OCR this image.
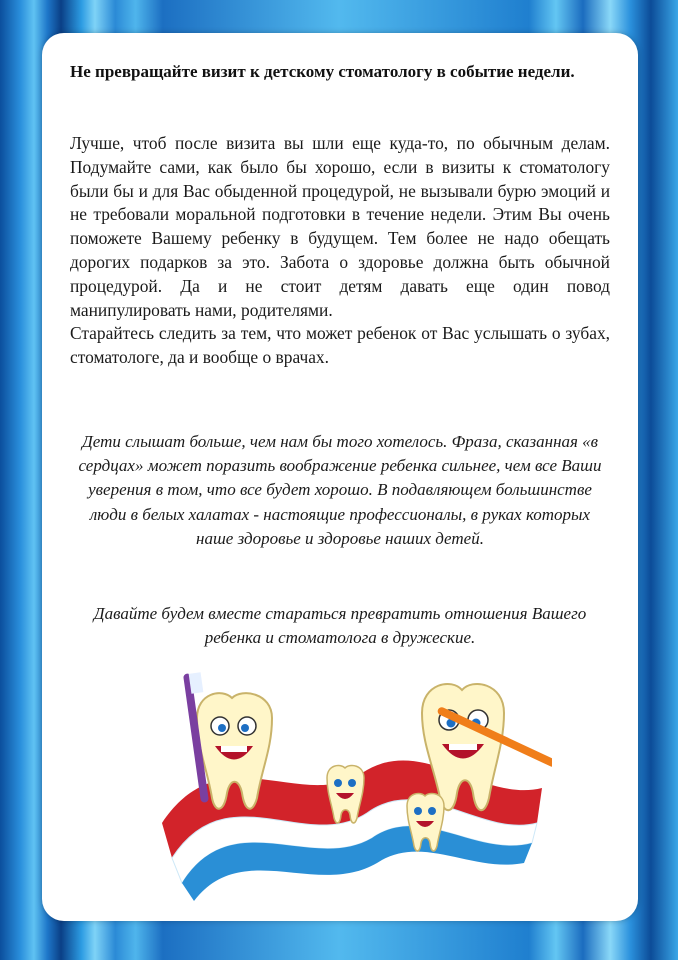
Не превращайте визит к детскому стоматологу в событие недели.

Лучше, чтоб после визита вы шли еще куда-то, по обычным делам. Подумайте сами, как было бы хорошо, если в визиты к стоматологу были бы и для Вас обыденной процедурой, не вызывали бурю эмоций и не требовали моральной подготовки в течение недели. Этим Вы очень поможете Вашему ребенку в будущем. Тем более не надо обещать дорогих подарков за это. Забота о здоровье должна быть обычной процедурой. Да и не стоит детям давать еще один повод манипулировать нами, родителями.

Старайтесь следить за тем, что может ребенок от Вас услышать о зубах, стоматологе, да и вообще о врачах.

Дети слышат больше, чем нам бы того хотелось. Фраза, сказанная «в сердцах» может поразить воображение ребенка сильнее, чем все Ваши уверения в том, что все будет хорошо. В подавляющем большинстве люди в белых халатах - настоящие профессионалы, в руках которых наше здоровье и здоровье наших детей.

Давайте будем вместе стараться превратить отношения Вашего ребенка и стоматолога в дружеские.
